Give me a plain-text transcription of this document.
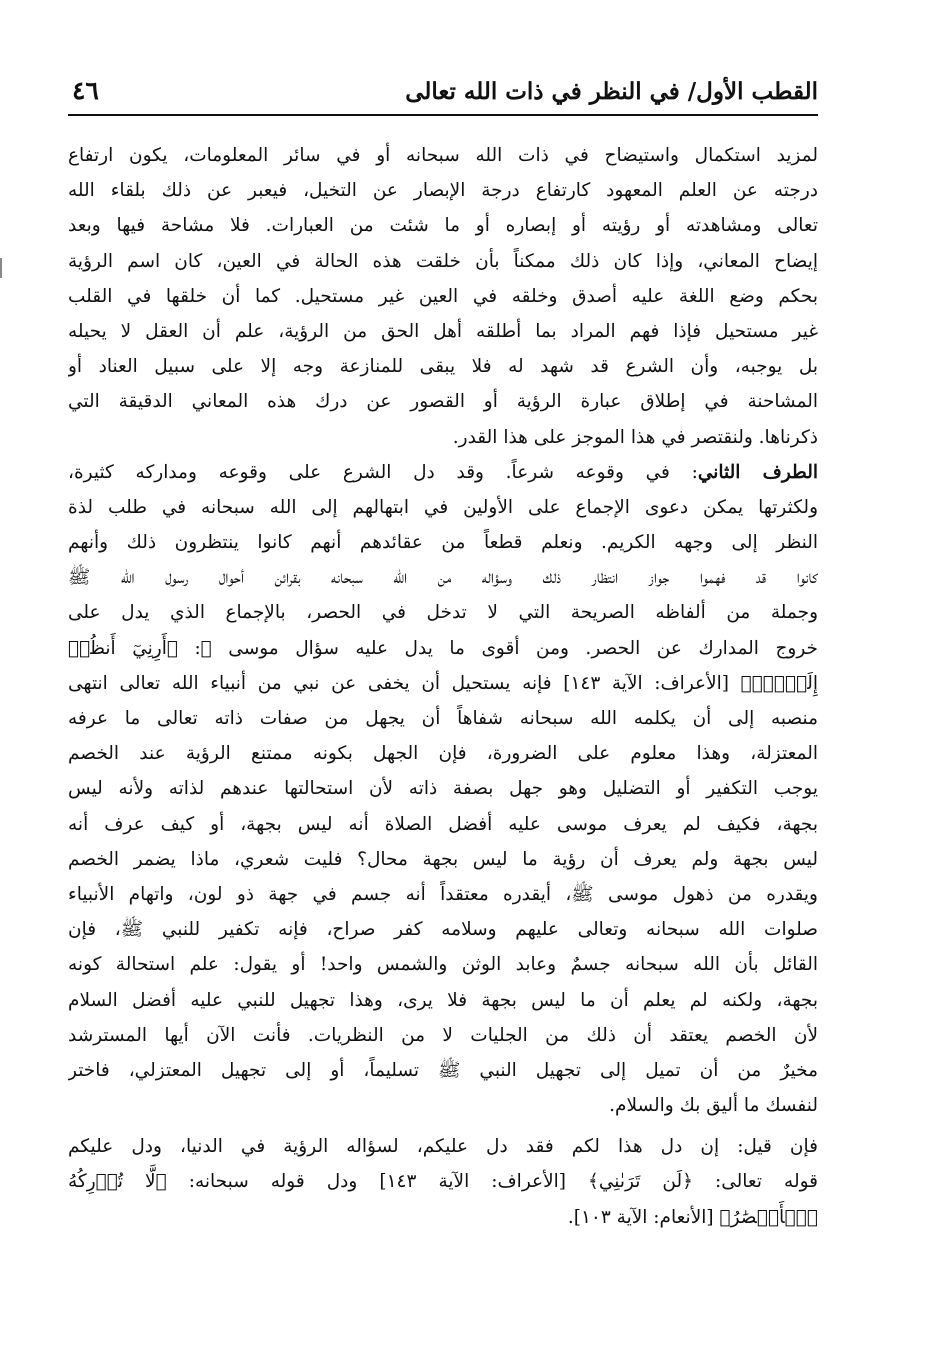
القطب الأول/ في النظر في ذات الله تعالى
٤٦
لمزيد استكمال واستيضاح في ذات الله سبحانه أو في سائر المعلومات، يكون ارتفاع
درجته عن العلم المعهود كارتفاع درجة الإبصار عن التخيل، فيعبر عن ذلك بلقاء الله
تعالى ومشاهدته أو رؤيته أو إبصاره أو ما شئت من العبارات. فلا مشاحة فيها وبعد
إيضاح المعاني، وإذا كان ذلك ممكناً بأن خلقت هذه الحالة في العين، كان اسم الرؤية
بحكم وضع اللغة عليه أصدق وخلقه في العين غير مستحيل. كما أن خلقها في القلب
غير مستحيل فإذا فهم المراد بما أطلقه أهل الحق من الرؤية، علم أن العقل لا يحيله
بل يوجبه، وأن الشرع قد شهد له فلا يبقى للمنازعة وجه إلا على سبيل العناد أو
المشاحنة في إطلاق عبارة الرؤية أو القصور عن درك هذه المعاني الدقيقة التي
ذكرناها. ولنقتصر في هذا الموجز على هذا القدر.
الطرف الثاني: في وقوعه شرعاً. وقد دل الشرع على وقوعه ومداركه كثيرة،
ولكثرتها يمكن دعوى الإجماع على الأولين في ابتهالهم إلى الله سبحانه في طلب لذة
النظر إلى وجهه الكريم. ونعلم قطعاً من عقائدهم أنهم كانوا ينتظرون ذلك وأنهم
كانوا قد فهموا جواز انتظار ذلك وسؤاله من الله سبحانه بقرائن أحوال رسول الله ﷺ
وجملة من ألفاظه الصريحة التي لا تدخل في الحصر، بالإجماع الذي يدل على
خروج المدارك عن الحصر. ومن أقوى ما يدل عليه سؤال موسى ﷺ: ﴿أَرِنِيٓ أَنظُرۡ
إِلَيۡكَۚ﴾ [الأعراف: الآية ١٤٣] فإنه يستحيل أن يخفى عن نبي من أنبياء الله تعالى انتهى
منصبه إلى أن يكلمه الله سبحانه شفاهاً أن يجهل من صفات ذاته تعالى ما عرفه
المعتزلة، وهذا معلوم على الضرورة، فإن الجهل بكونه ممتنع الرؤية عند الخصم
يوجب التكفير أو التضليل وهو جهل بصفة ذاته لأن استحالتها عندهم لذاته ولأنه ليس
بجهة، فكيف لم يعرف موسى عليه أفضل الصلاة أنه ليس بجهة، أو كيف عرف أنه
ليس بجهة ولم يعرف أن رؤية ما ليس بجهة محال؟ فليت شعري، ماذا يضمر الخصم
ويقدره من ذهول موسى ﷺ، أيقدره معتقداً أنه جسم في جهة ذو لون، واتهام الأنبياء
صلوات الله سبحانه وتعالى عليهم وسلامه كفر صراح، فإنه تكفير للنبي ﷺ، فإن
القائل بأن الله سبحانه جسمٌ وعابد الوثن والشمس واحد! أو يقول: علم استحالة كونه
بجهة، ولكنه لم يعلم أن ما ليس بجهة فلا يرى، وهذا تجهيل للنبي عليه أفضل السلام
لأن الخصم يعتقد أن ذلك من الجليات لا من النظريات. فأنت الآن أيها المسترشد
مخيرٌ من أن تميل إلى تجهيل النبي ﷺ تسليماً، أو إلى تجهيل المعتزلي، فاختر
لنفسك ما أليق بك والسلام.
فإن قيل: إن دل هذا لكم فقد دل عليكم، لسؤاله الرؤية في الدنيا، ودل عليكم
قوله تعالى: ﴿لَن تَرَىٰنِي﴾ [الأعراف: الآية ١٤٣] ودل قوله سبحانه: ﴿لَّا تُدۡرِكُهُ
ٱلۡأَبۡصَٰرُ﴾ [الأنعام: الآية ١٠٣].
